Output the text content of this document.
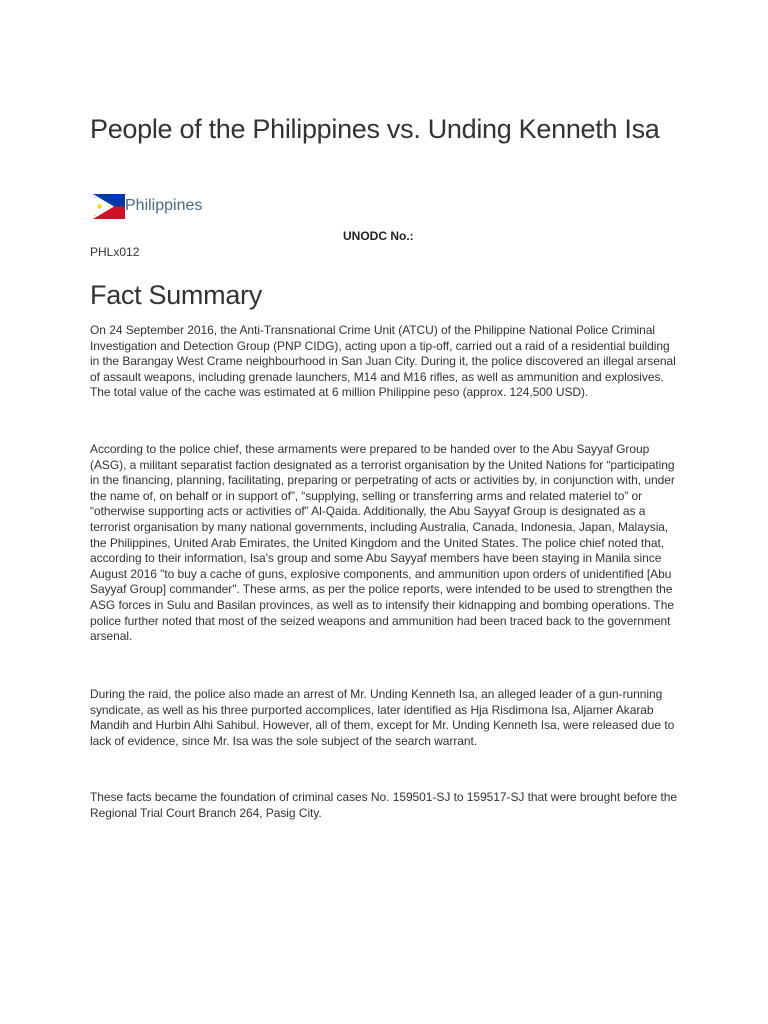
People of the Philippines vs. Unding Kenneth Isa
Philippines
UNODC No.:
PHLx012
Fact Summary

On 24 September 2016, the Anti-Transnational Crime Unit (ATCU) of the Philippine National Police Criminal Investigation and Detection Group (PNP CIDG), acting upon a tip-off, carried out a raid of a residential building in the Barangay West Crame neighbourhood in San Juan City. During it, the police discovered an illegal arsenal of assault weapons, including grenade launchers, M14 and M16 rifles, as well as ammunition and explosives. The total value of the cache was estimated at 6 million Philippine peso (approx. 124,500 USD).

According to the police chief, these armaments were prepared to be handed over to the Abu Sayyaf Group (ASG), a militant separatist faction designated as a terrorist organisation by the United Nations for “participating in the financing, planning, facilitating, preparing or perpetrating of acts or activities by, in conjunction with, under the name of, on behalf or in support of”, “supplying, selling or transferring arms and related materiel to” or “otherwise supporting acts or activities of” Al-Qaida. Additionally, the Abu Sayyaf Group is designated as a terrorist organisation by many national governments, including Australia, Canada, Indonesia, Japan, Malaysia, the Philippines, United Arab Emirates, the United Kingdom and the United States. The police chief noted that, according to their information, Isa's group and some Abu Sayyaf members have been staying in Manila since August 2016 "to buy a cache of guns, explosive components, and ammunition upon orders of unidentified [Abu Sayyaf Group] commander". These arms, as per the police reports, were intended to be used to strengthen the ASG forces in Sulu and Basilan provinces, as well as to intensify their kidnapping and bombing operations. The police further noted that most of the seized weapons and ammunition had been traced back to the government arsenal.

During the raid, the police also made an arrest of Mr. Unding Kenneth Isa, an alleged leader of a gun-running syndicate, as well as his three purported accomplices, later identified as Hja Risdimona Isa, Aljamer Akarab Mandih and Hurbin Alhi Sahibul. However, all of them, except for Mr. Unding Kenneth Isa, were released due to lack of evidence, since Mr. Isa was the sole subject of the search warrant.

These facts became the foundation of criminal cases No. 159501-SJ to 159517-SJ that were brought before the Regional Trial Court Branch 264, Pasig City.
